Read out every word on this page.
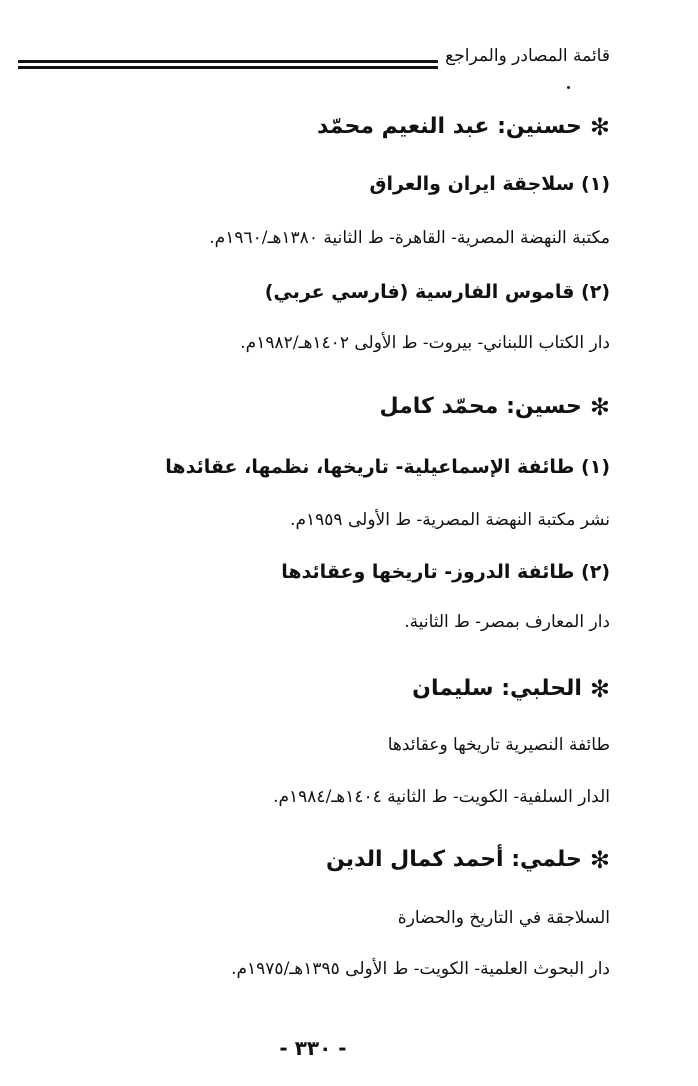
قائمة المصادر والمراجع
✻
حسنين: عبد النعيم محمّد
(١) سلاجقة ايران والعراق
مكتبة النهضة المصرية- القاهرة- ط الثانية ١٣٨٠هـ/١٩٦٠م.
(٢) قاموس الفارسية (فارسي عربي)
دار الكتاب اللبناني- بيروت- ط الأولى ١٤٠٢هـ/١٩٨٢م.
✻
حسين: محمّد كامل
(١) طائفة الإسماعيلية- تاريخها، نظمها، عقائدها
نشر مكتبة النهضة المصرية- ط الأولى ١٩٥٩م.
(٢) طائفة الدروز- تاريخها وعقائدها
دار المعارف بمصر- ط الثانية.
✻
الحلبي: سليمان
طائفة النصيرية تاريخها وعقائدها
الدار السلفية- الكويت- ط الثانية ١٤٠٤هـ/١٩٨٤م.
✻
حلمي: أحمد كمال الدين
السلاجقة في التاريخ والحضارة
دار البحوث العلمية- الكويت- ط الأولى ١٣٩٥هـ/١٩٧٥م.
- ٣٣٠ -
